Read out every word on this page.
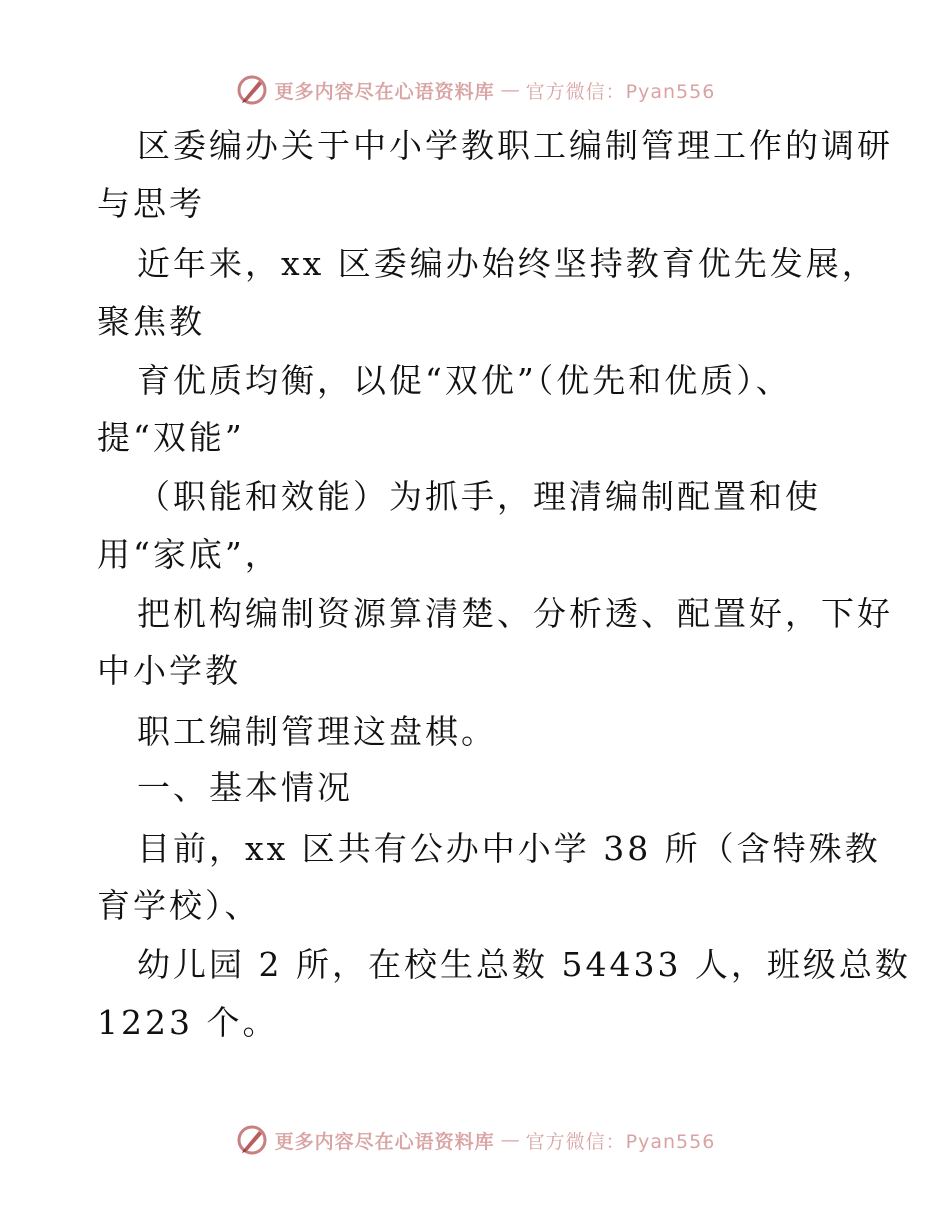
更多内容尽在心语资料库 — 官方微信：Pyan556
区委编办关于中小学教职工编制管理工作的调研
与思考
近年来，xx 区委编办始终坚持教育优先发展，
聚焦教
育优质均衡，以促“双优”（优先和优质）、
提“双能”
（职能和效能）为抓手，理清编制配置和使
用“家底”，
把机构编制资源算清楚、分析透、配置好，下好
中小学教
职工编制管理这盘棋。
一、基本情况
目前，xx 区共有公办中小学 38 所（含特殊教
育学校）、
幼儿园 2 所，在校生总数 54433 人，班级总数
1223 个。
更多内容尽在心语资料库 — 官方微信：Pyan556
